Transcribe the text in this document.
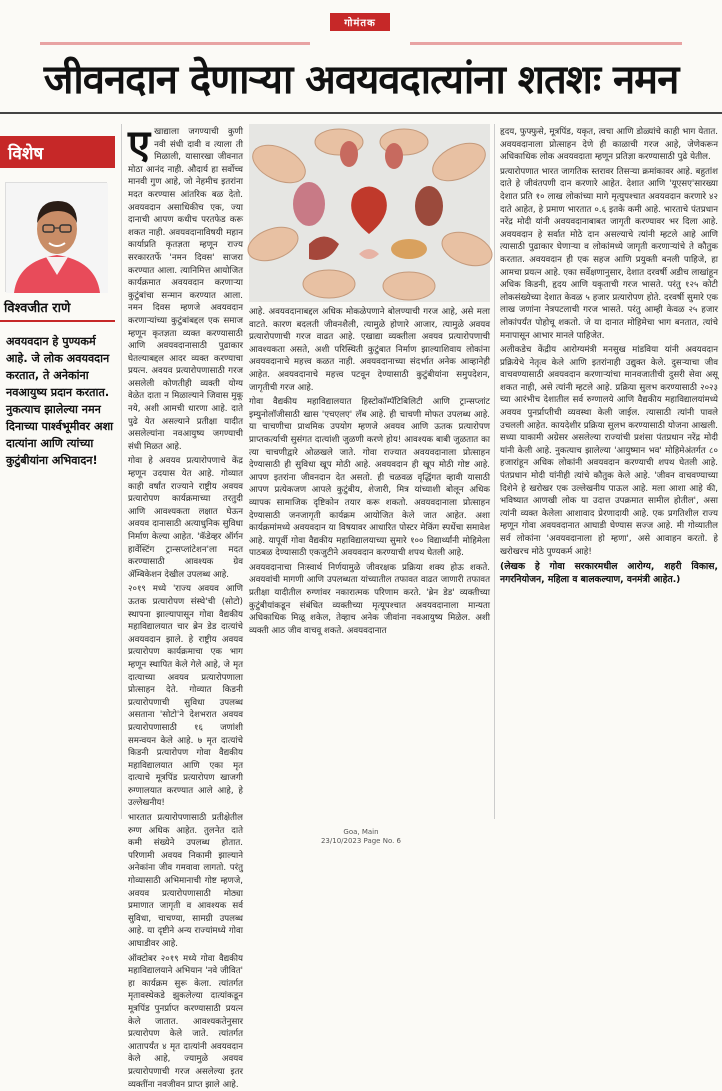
गोमंतक
जीवनदान देणाऱ्या अवयवदात्यांना शतशः नमन
विशेष
विश्वजीत राणे
अवयवदान हे पुण्यकर्म आहे. जे लोक अवयवदान करतात, ते अनेकांना नवआयुष्य प्रदान करतात. नुकत्याच झालेल्या नमन दिनाच्या पार्श्वभूमीवर अशा दात्यांना आणि त्यांच्या कुटुंबीयांना अभिवादन!
ए खाद्याला जगण्याची कुणी नवी संधी दावी व त्याला ती मिळाली, यासारखा जीवनात मोठा आनंद नाही. औदार्य हा सर्वोच्च मानवी गुण आहे, जो नेहमीच इतरांना मदत करण्यास आंतरिक बळ देतो. अवयवदान असाधिकीच एक, ज्या दानाची आपण कधीच परतफेड करू शकत नाही. अवयवदानाविषयी महान कार्याप्रति कृतज्ञता म्हणून राज्य सरकारतर्फे 'नमन दिवस' साजरा करण्यात आला. त्यानिमित्त आयोजित कार्यक्रमात अवयवदान करणाऱ्या कुटुंबांचा सन्मान करण्यात आला. नमन दिवस म्हणजे अवयवदान करणाऱ्यांच्या कुटुंबांबद्दल एक समाज म्हणून कृतज्ञता व्यक्त करण्यासाठी आणि अवयवदानासाठी पुढाकार घेतल्याबद्दल आदर व्यक्त करण्याचा प्रयत्न. अवयव प्रत्यारोपणासाठी गरज असलेली कोणतीही व्यक्ती योग्य वेळेत दाता न मिळाल्याने जिवास मुकू नये, अशी आमची धारणा आहे. दाते पुढे येत असल्याने प्रतीक्षा यादीत असलेल्यांना नवआयुष्य जगण्याची संधी मिळत आहे.

गोवा हे अवयव प्रत्यारोपणाचे केंद्र म्हणून उदयास येत आहे. गोव्यात काही वर्षांत राज्याने राष्ट्रीय अवयव प्रत्यारोपण कार्यक्रमाच्या तरतुदी आणि आवश्यकता लक्षात घेऊन अवयव दानासाठी अत्याधुनिक सुविधा निर्माण केल्या आहेत. 'कॅडेव्हर ऑर्गन हार्वेस्टिंग ट्रान्सप्लांटेशन'ला मदत करण्यासाठी आवश्यक ग्रेव ॲम्बिकेशन देखील उपलब्ध आहे.

२०१९ मध्ये 'राज्य अवयव आणि ऊतक प्रत्यारोपण संस्थे'ची (सोटो) स्थापना झाल्यापासून गोवा वैद्यकीय महाविद्यालयात चार ब्रेन डेड दात्यांचे अवयवदान झाले. हे राष्ट्रीय अवयव प्रत्यारोपण कार्यक्रमाचा एक भाग म्हणून स्थापित केले गेले आहे, जे मृत दात्याच्या अवयव प्रत्यारोपणाला प्रोत्साहन देते. गोव्यात किडनी प्रत्यारोपणाची सुविधा उपलब्ध असताना 'सोटो'ने देशभरात अवयव प्रत्यारोपणासाठी १६ जणांशी समन्वयन केले आहे. ७ मृत दात्यांचे किडनी प्रत्यारोपण गोवा वैद्यकीय महाविद्यालयात आणि एका मृत दात्याचे मूत्रपिंड प्रत्यारोपण खाजगी रुग्णालयात करण्यात आले आहे, हे उल्लेखनीय!

भारतात प्रत्यारोपणासाठी प्रतीक्षेतील रुग्ण अधिक आहेत. तुलनेत दाते कमी संख्येने उपलब्ध होतात. परिणामी अवयव निकामी झाल्याने अनेकांना जीव गमवावा लागतो. परंतु गोव्यासाठी अभिमानाची गोष्ट म्हणजे, अवयव प्रत्यारोपणासाठी मोठ्या प्रमाणात जागृती व आवश्यक सर्व सुविधा, चाचण्या, सामग्री उपलब्ध आहे. या दृष्टीने अन्य राज्यांमध्ये गोवा आघाडीवर आहे.

ऑक्टोबर २०१९ मध्ये गोवा वैद्यकीय महाविद्यालयाने अभियान 'नवे जीवित' हा कार्यक्रम सुरू केला. त्यांतर्गत मृतावस्थेकडे झुकलेल्या दात्यांकडून मूत्रपिंड पुनर्प्राप्त करण्यासाठी प्रयत्न केले जातात. आवश्यकतेनुसार प्रत्यारोपण केले जाते. त्यांतर्गत आतापर्यंत ४ मृत दात्यांनी अवयवदान केले आहे, ज्यामुळे अवयव प्रत्यारोपणाची गरज असलेल्या इतर व्यक्तींना नवजीवन प्राप्त झाले आहे.

आहे. अवयवदानाबद्दल अधिक मोकळेपणाने बोलण्याची गरज आहे, असे मला वाटते. कारण बदलती जीवनशैली, त्यामुळे होणारे आजार, त्यामुळे अवयव प्रत्यारोपणाची गरज वाढत आहे. एखाद्या व्यक्तीला अवयव प्रत्यारोपणाची आवश्यकता असते, अशी परिस्थिती कुटुंबात निर्माण झाल्याशिवाय लोकांना अवयवदानाचे महत्त्व कळत नाही. अवयवदानाच्या संदर्भात अनेक आव्हानेही आहेत. अवयवदानाचे महत्त्व पटवून देण्यासाठी कुटुंबीयांना समुपदेशन, जागृतीची गरज आहे.

गोवा वैद्यकीय महाविद्यालयात हिस्टोकॉम्पॅटिबिलिटी आणि ट्रान्सप्लांट इम्युनोलॉजीसाठी खास 'एचएलए' लॅब आहे. ही चाचणी मोफत उपलब्ध आहे. या चाचणीचा प्राथमिक उपयोग म्हणजे अवयव आणि ऊतक प्रत्यारोपण प्राप्तकर्त्याची सुसंगत दात्यांशी जुळणी करणे होय! आवश्यक बाबी जुळतात का त्या चाचणीद्वारे ओळखले जाते. गोवा राज्यात अवयवदानाला प्रोत्साहन देण्यासाठी ही सुविधा खूप मोठी आहे. अवयवदान ही खूप मोठी गोष्ट आहे. आपण इतरांना जीवनदान देत असतो. ही चळवळ वृद्धिंगत व्हावी यासाठी आपण प्रत्येकजण आपले कुटुंबीय, शेजारी, मित्र यांच्याशी बोलून अधिक व्यापक सामाजिक दृष्टिकोन तयार करू शकतो. अवयवदानाला प्रोत्साहन देण्यासाठी जनजागृती कार्यक्रम आयोजित केले जात आहेत. अशा कार्यक्रमांमध्ये अवयवदान या विषयावर आधारित पोस्टर मेकिंग स्पर्धेचा समावेश आहे. यापूर्वी गोवा वैद्यकीय महाविद्यालयाच्या सुमारे १०० विद्यार्थ्यांनी मोहिमेला पाठबळ देण्यासाठी एकजुटीने अवयवदान करण्याची शपथ घेतली आहे.

अवयवदानाचा निःस्वार्थ निर्णयामुळे जीवरक्षक प्रक्रिया शक्य होऊ शकते. अवयवांची मागणी आणि उपलब्धता यांच्यातील तफावत वाढत जाणारी तफावत प्रतीक्षा यादीतील रुग्णांवर नकारात्मक परिणाम करते. 'ब्रेन डेड' व्यक्तीच्या कुटुंबीयांकडून संबंधित व्यक्तीच्या मृत्यूपश्चात अवयवदानाला मान्यता अधिकाधिक मिळू शकेल, तेव्हाच अनेक जीवांना नवआयुष्य मिळेल. अशी व्यक्ती आठ जीव वाचवू शकते. अवयवदानात

हृदय, फुफ्फुसे, मूत्रपिंड, यकृत, त्वचा आणि डोळ्यांचे काही भाग येतात. अवयवदानाला प्रोत्साहन देणे ही काळाची गरज आहे, जेणेकरून अधिकाधिक लोक अवयवदाता म्हणून प्रतिज्ञा करण्यासाठी पुढे येतील.

प्रत्यारोपणात भारत जागतिक स्तरावर तिसऱ्या क्रमांकावर आहे. बहुतांश दाते हे जीवंतपणी दान करणारे आहेत. देशात आणि 'यूएसए'सारख्या देशात प्रति १० लाख लोकांच्या मागे मृत्युपश्चात अवयवदान करणारे ४२ दाते आहेत, हे प्रमाण भारतात ०.६ इतके कमी आहे. भारताचे पंतप्रधान नरेंद्र मोदी यांनी अवयवदानाबाबत जागृती करण्यावर भर दिला आहे. अवयवदान हे सर्वात मोठे दान असल्याचे त्यांनी म्हटले आहे आणि त्यासाठी पुढाकार घेणाऱ्या व लोकांमध्ये जागृती करणाऱ्यांचे ते कौतुक करतात. अवयवदान ही एक सहज आणि प्रयुक्ती बनली पाहिजे, हा आमचा प्रयत्न आहे. एका सर्वेक्षणानुसार, देशात दरवर्षी अडीच लाखांहून अधिक किडनी, हृदय आणि यकृताची गरज भासते. परंतु १२५ कोटी लोकसंख्येच्या देशात केवळ ५ हजार प्रत्यारोपण होते. दरवर्षी सुमारे एक लाख जणांना नेत्रपटलाची गरज भासते. परंतु आम्ही केवळ २५ हजार लोकांपर्यंत पोहोचू शकतो. जे या दानात मोहिमेचा भाग बनतात, त्यांचे मनापासून आभार मानले पाहिजेत.

अलीकडेच केंद्रीय आरोग्यमंत्री मनसुख मांडविया यांनी अवयवदान प्रक्रियेचे नेतृत्व केले आणि इतरांनाही उद्युक्त केले. दुसऱ्याचा जीव वाचवण्यासाठी अवयवदान करणाऱ्यांचा मानवजातीची दुसरी सेवा असू शकत नाही, असे त्यांनी म्हटले आहे. प्रक्रिया सुलभ करण्यासाठी २०२३ च्या आरंभीच देशातील सर्व रुग्णालये आणि वैद्यकीय महाविद्यालयांमध्ये अवयव पुनर्प्राप्तीची व्यवस्था केली जाईल. त्यासाठी त्यांनी पावले उचलली आहेत. कायदेशीर प्रक्रिया सुलभ करण्यासाठी योजना आखली. सध्या याकामी अग्रेसर असलेल्या राज्यांची प्रशंसा पंतप्रधान नरेंद्र मोदी यांनी केली आहे. नुकत्याच झालेल्या 'आयुष्मान भव' मोहिमेअंतर्गत ८० हजारांहून अधिक लोकांनी अवयवदान करण्याची शपथ घेतली आहे. पंतप्रधान मोदी यांनीही त्यांचे कौतुक केले आहे. 'जीवन वाचवण्याच्या दिशेने हे खरोखर एक उल्लेखनीय पाऊल आहे. मला आशा आहे की, भविष्यात आणखी लोक या उदात्त उपक्रमात सामील होतील', असा त्यांनी व्यक्त केलेला आशावाद प्रेरणादायी आहे. एक प्रगतिशील राज्य म्हणून गोवा अवयवदानात आघाडी घेण्यास सज्ज आहे. मी गोव्यातील सर्व लोकांना 'अवयवदानाला हो म्हणा', असे आवाहन करतो. हे खरोखरच मोठे पुण्यकर्म आहे!

(लेखक हे गोवा सरकारमधील आरोग्य, शहरी विकास, नगरनियोजन, महिला व बालकल्याण, वनमंत्री आहेत.)

Goa, Main
23/10/2023 Page No. 6
